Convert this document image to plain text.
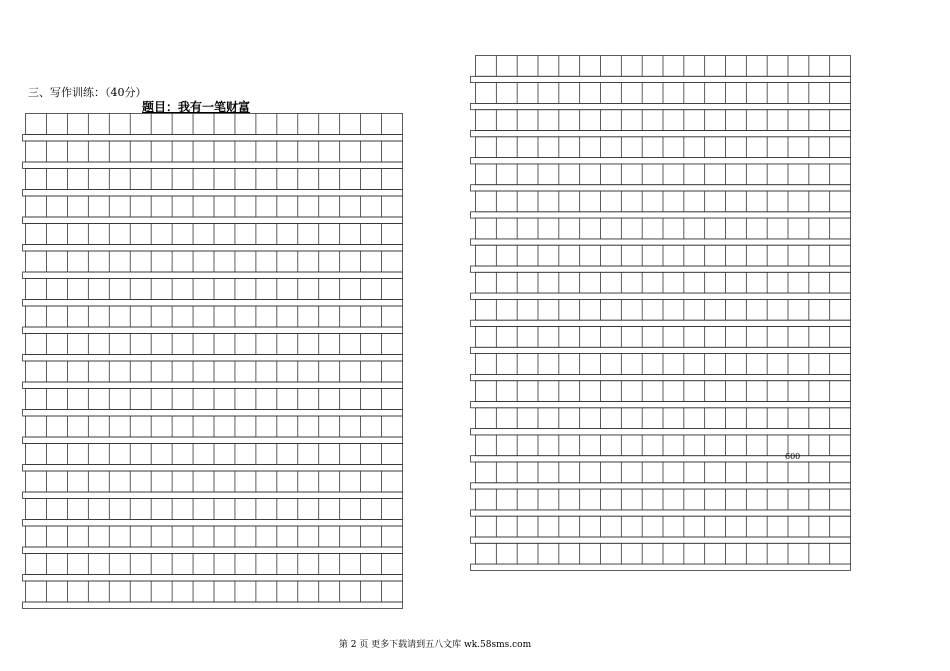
三、写作训练：（40分）
题目：我有一笔财富
600
第 2 页 更多下载请到五八文库 wk.58sms.com
